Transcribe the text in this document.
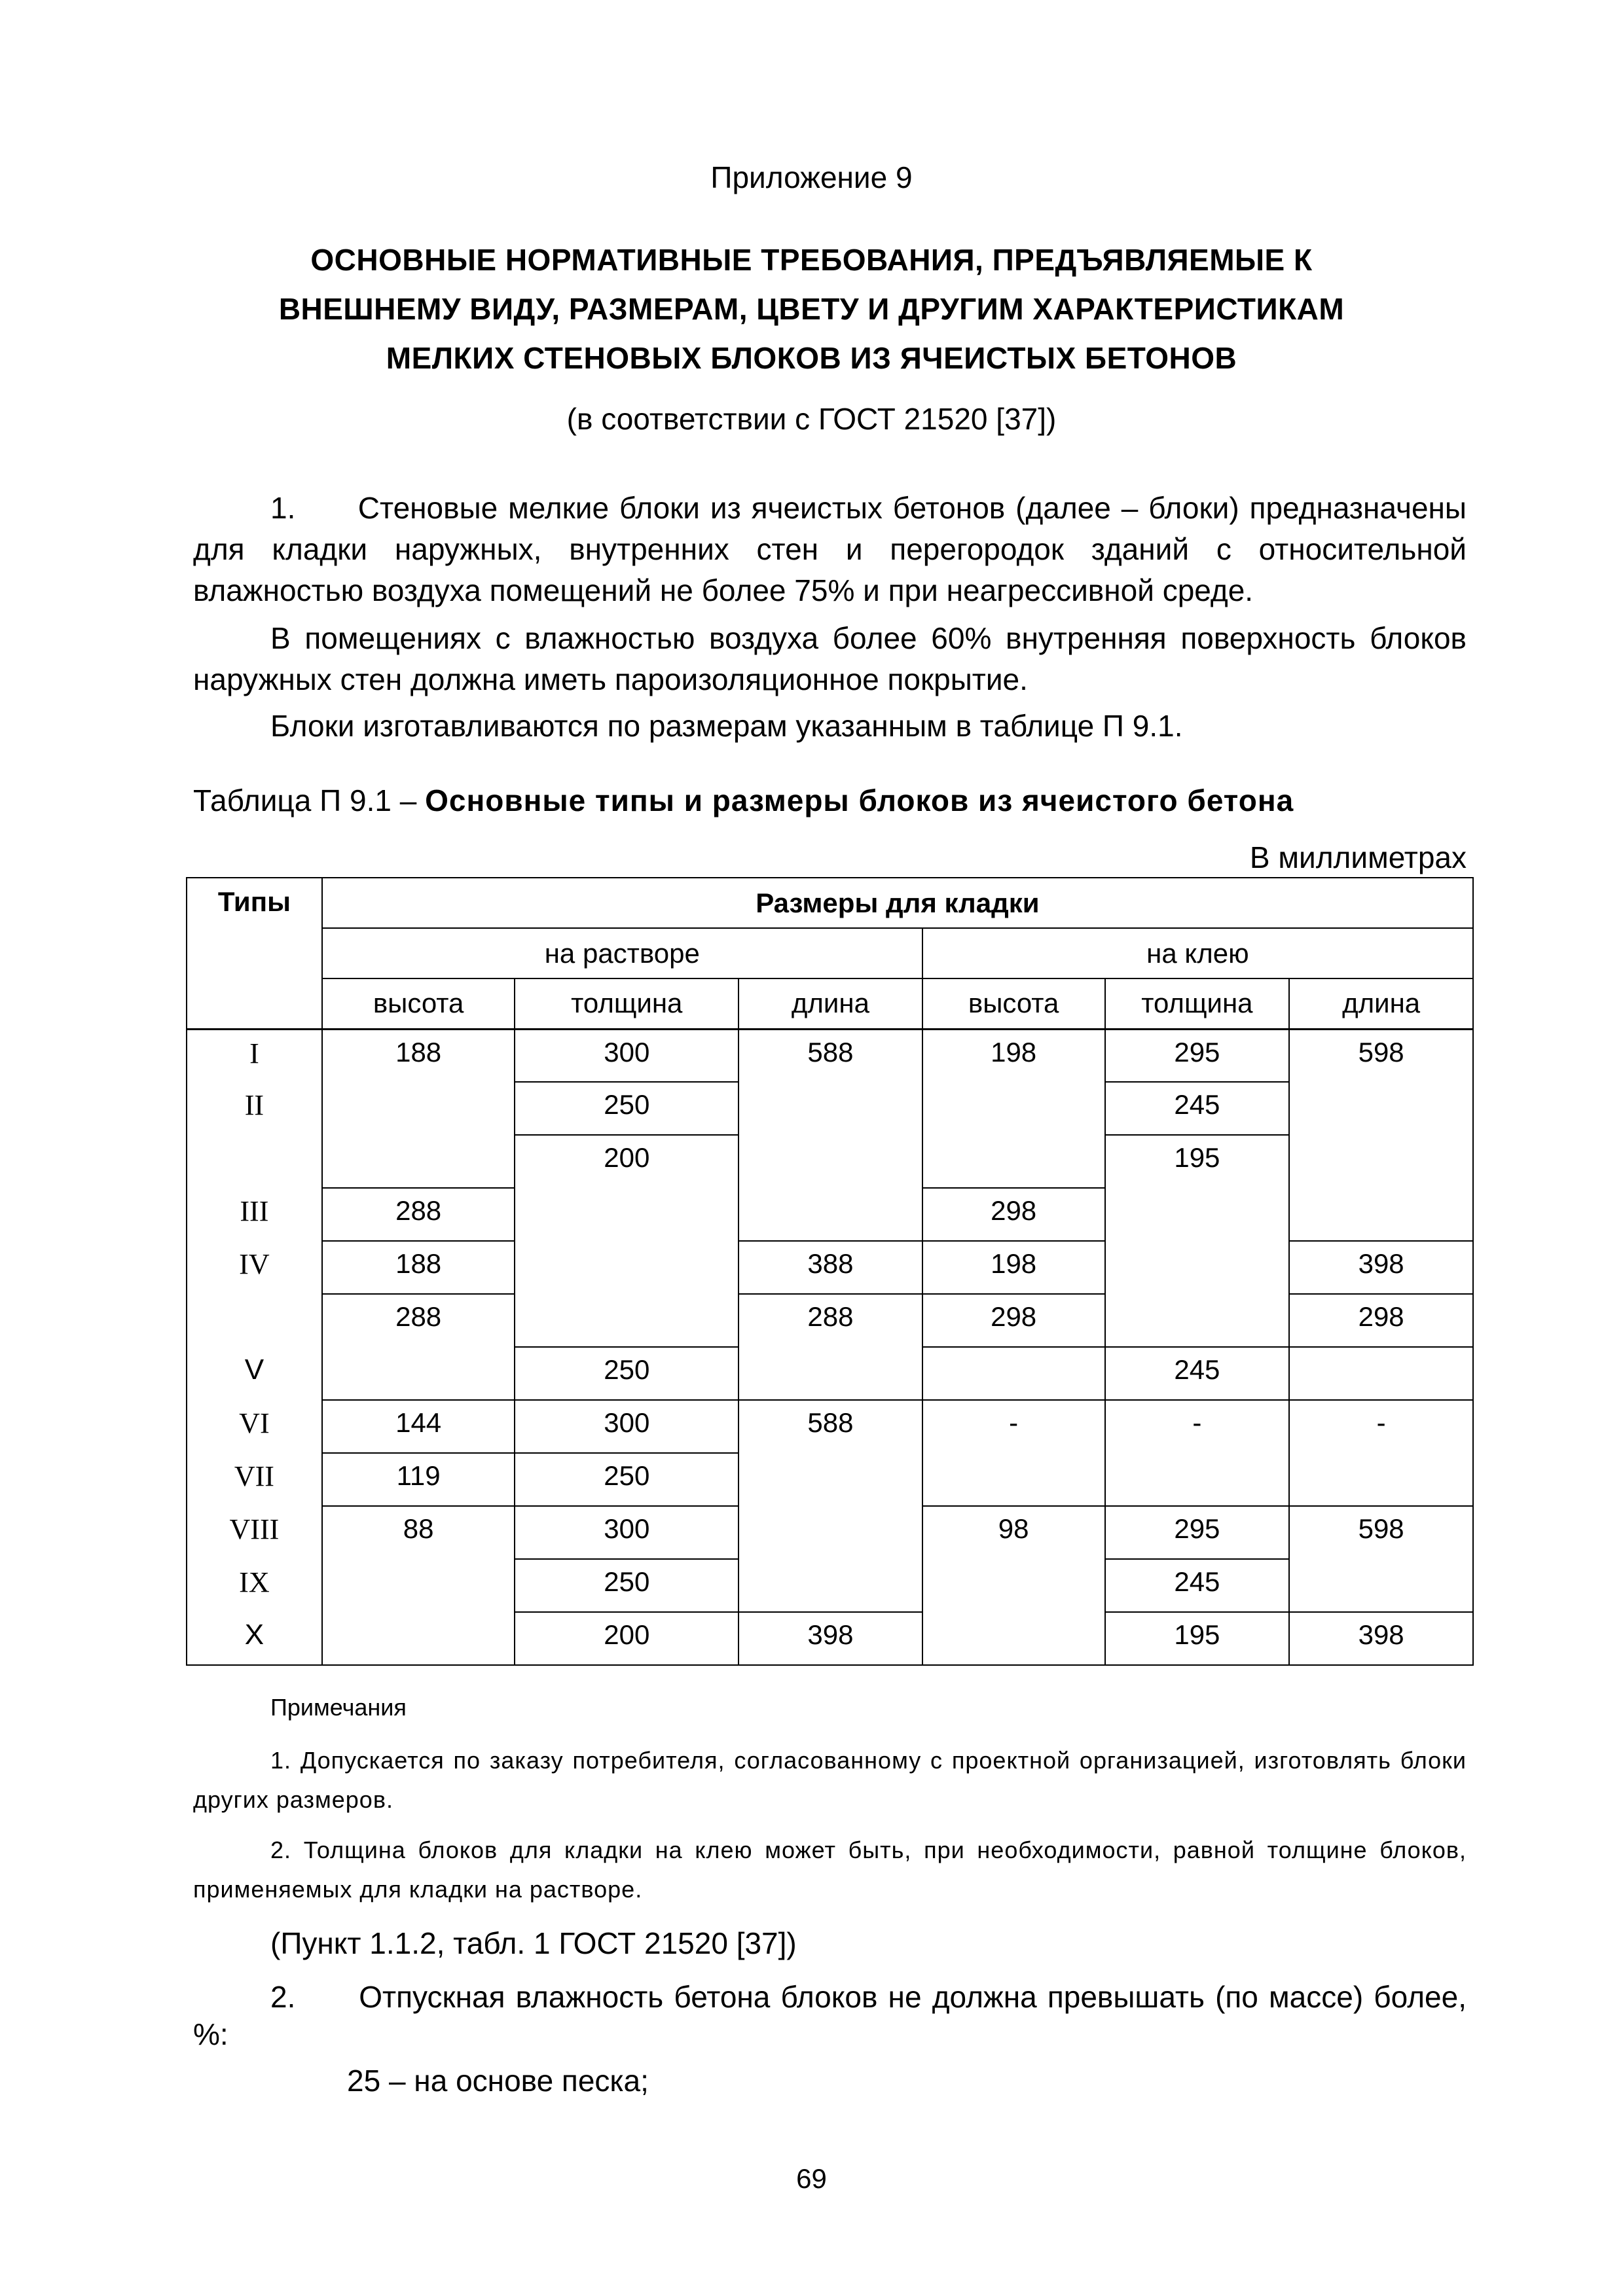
Приложение 9
ОСНОВНЫЕ НОРМАТИВНЫЕ ТРЕБОВАНИЯ, ПРЕДЪЯВЛЯЕМЫЕ К
ВНЕШНЕМУ ВИДУ, РАЗМЕРАМ, ЦВЕТУ И ДРУГИМ ХАРАКТЕРИСТИКАМ
МЕЛКИХ СТЕНОВЫХ БЛОКОВ ИЗ ЯЧЕИСТЫХ БЕТОНОВ
(в соответствии с ГОСТ 21520 [37])
1.      Стеновые мелкие блоки из ячеистых бетонов (далее – блоки) предназначены для кладки наружных, внутренних стен и перегородок зданий с относительной влажностью воздуха помещений не более 75% и при неагрессивной среде.
В помещениях с влажностью воздуха более 60% внутренняя поверхность блоков наружных стен должна иметь пароизоляционное покрытие.
Блоки изготавливаются по размерам указанным в таблице П 9.1.
Таблица П 9.1 – Основные типы и размеры блоков из ячеистого бетона
В миллиметрах
Типы	Размеры для кладки					
	на растворе			на клею		
	высота	толщина	длина	высота	толщина	длина
I	188	300	588	198	295	598
II		250			245	
		200			195	
III	288			298		
IV	188		388	198		398
	288		288	298		298
V		250			245	
VI	144	300	588	-	-	-
VII	119	250				
VIII	88	300		98	295	598
IX		250			245	
X		200	398		195	398
Примечания
1. Допускается по заказу потребителя, согласованному с проектной организацией, изготовлять блоки других размеров.
2. Толщина блоков для кладки на клею может быть, при необходимости, равной толщине блоков, применяемых для кладки на растворе.
(Пункт 1.1.2, табл. 1 ГОСТ 21520 [37])
2.      Отпускная влажность бетона блоков не должна превышать (по массе) более, %:
25 – на основе песка;
69
